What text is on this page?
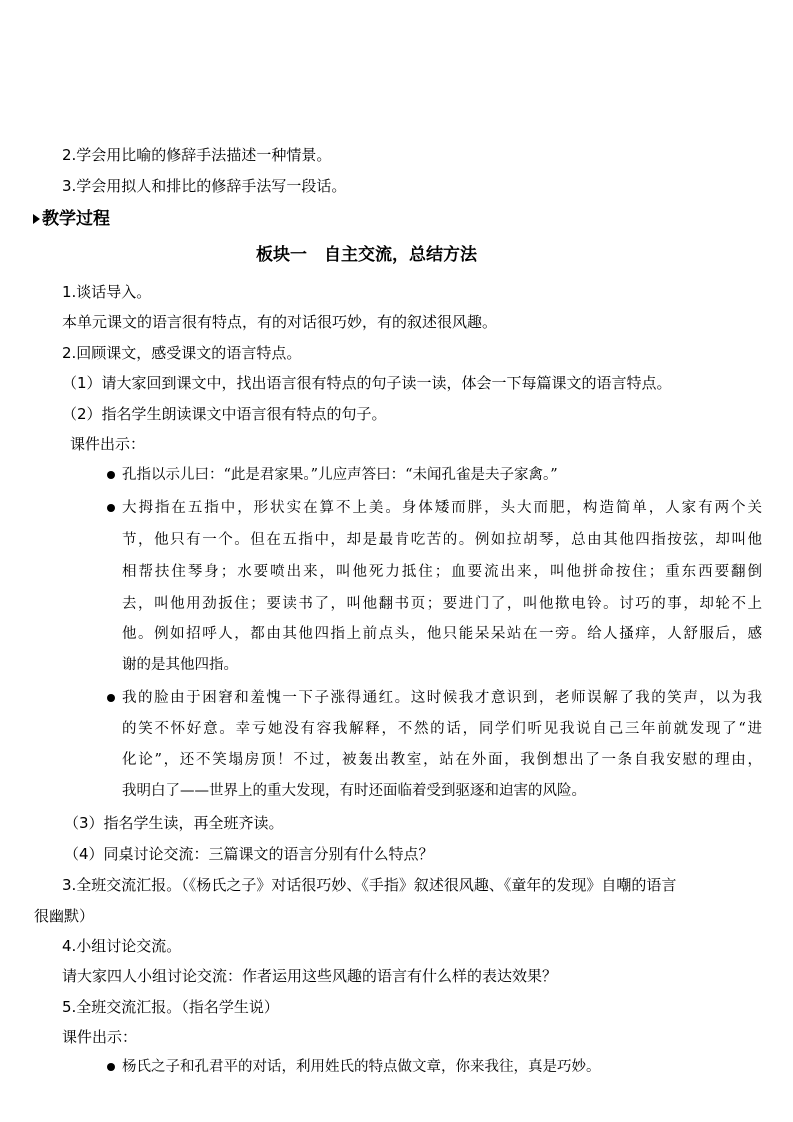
2.学会用比喻的修辞手法描述一种情景。
3.学会用拟人和排比的修辞手法写一段话。
教学过程
板块一　自主交流，总结方法
1.谈话导入。
本单元课文的语言很有特点，有的对话很巧妙，有的叙述很风趣。
2.回顾课文，感受课文的语言特点。
（1）请大家回到课文中，找出语言很有特点的句子读一读，体会一下每篇课文的语言特点。
（2）指名学生朗读课文中语言很有特点的句子。
课件出示：
孔指以示儿曰：“此是君家果。”儿应声答曰：“未闻孔雀是夫子家禽。”
大拇指在五指中，形状实在算不上美。身体矮而胖，头大而肥，构造简单，人家有两个关
节，他只有一个。但在五指中，却是最肯吃苦的。例如拉胡琴，总由其他四指按弦，却叫他
相帮扶住琴身；水要喷出来，叫他死力抵住；血要流出来，叫他拼命按住；重东西要翻倒
去，叫他用劲扳住；要读书了，叫他翻书页；要进门了，叫他揿电铃。讨巧的事，却轮不上
他。例如招呼人，都由其他四指上前点头，他只能呆呆站在一旁。给人搔痒，人舒服后，感
谢的是其他四指。
我的脸由于困窘和羞愧一下子涨得通红。这时候我才意识到，老师误解了我的笑声，以为我
的笑不怀好意。幸亏她没有容我解释，不然的话，同学们听见我说自己三年前就发现了“进
化论”，还不笑塌房顶！不过，被轰出教室，站在外面，我倒想出了一条自我安慰的理由，
我明白了——世界上的重大发现，有时还面临着受到驱逐和迫害的风险。
（3）指名学生读，再全班齐读。
（4）同桌讨论交流：三篇课文的语言分别有什么特点？
3.全班交流汇报。（《杨氏之子》对话很巧妙、《手指》叙述很风趣、《童年的发现》自嘲的语言
很幽默）
4.小组讨论交流。
请大家四人小组讨论交流：作者运用这些风趣的语言有什么样的表达效果？
5.全班交流汇报。（指名学生说）
课件出示：
杨氏之子和孔君平的对话，利用姓氏的特点做文章，你来我往，真是巧妙。
